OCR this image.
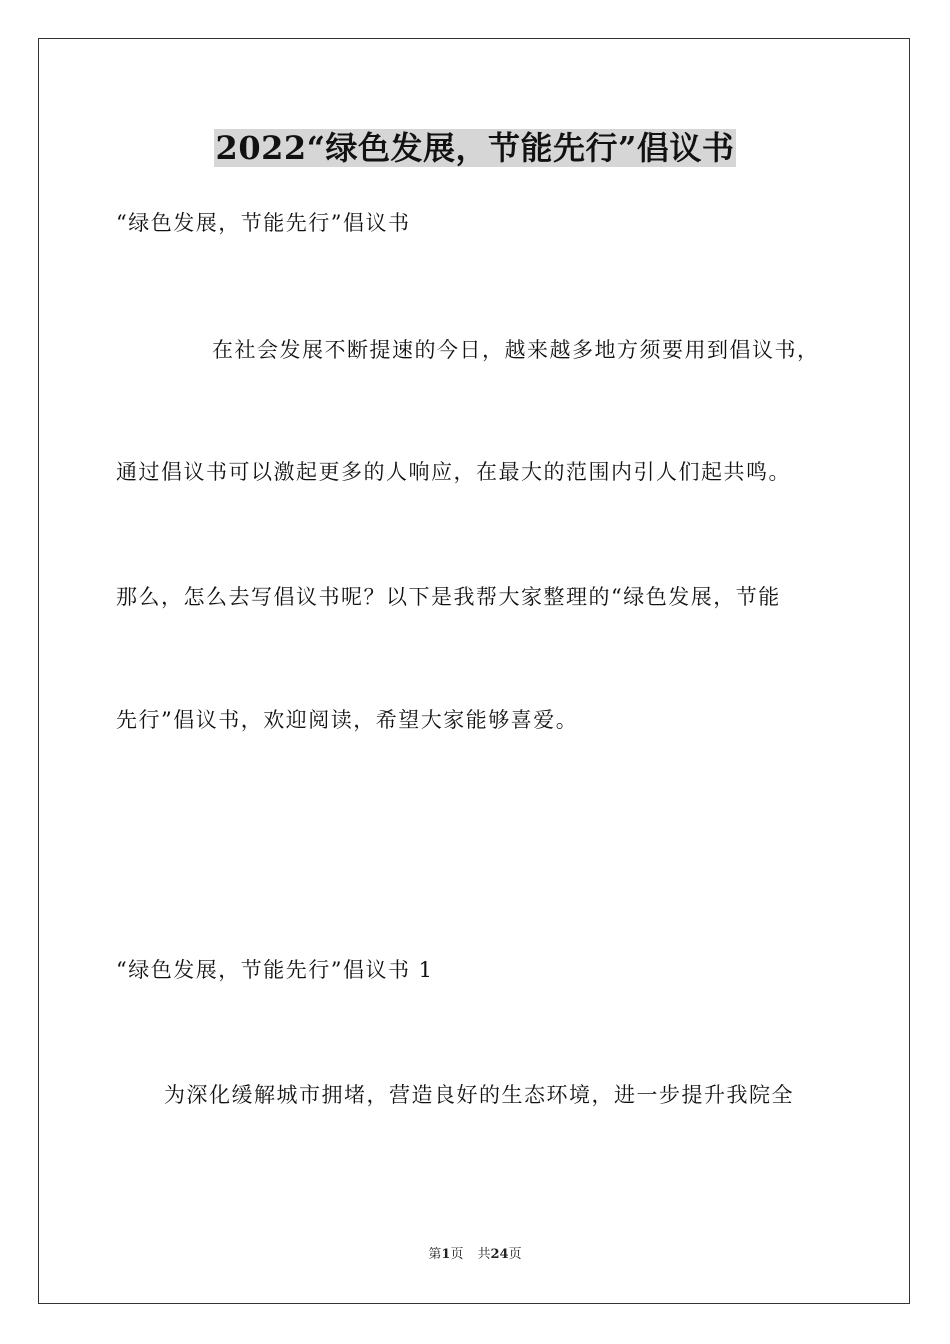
2022“绿色发展，节能先行”倡议书
“绿色发展，节能先行”倡议书
在社会发展不断提速的今日，越来越多地方须要用到倡议书，
通过倡议书可以激起更多的人响应，在最大的范围内引人们起共鸣。
那么，怎么去写倡议书呢？以下是我帮大家整理的“绿色发展，节能
先行”倡议书，欢迎阅读，希望大家能够喜爱。
“绿色发展，节能先行”倡议书 1
为深化缓解城市拥堵，营造良好的生态环境，进一步提升我院全
第1页 共24页
